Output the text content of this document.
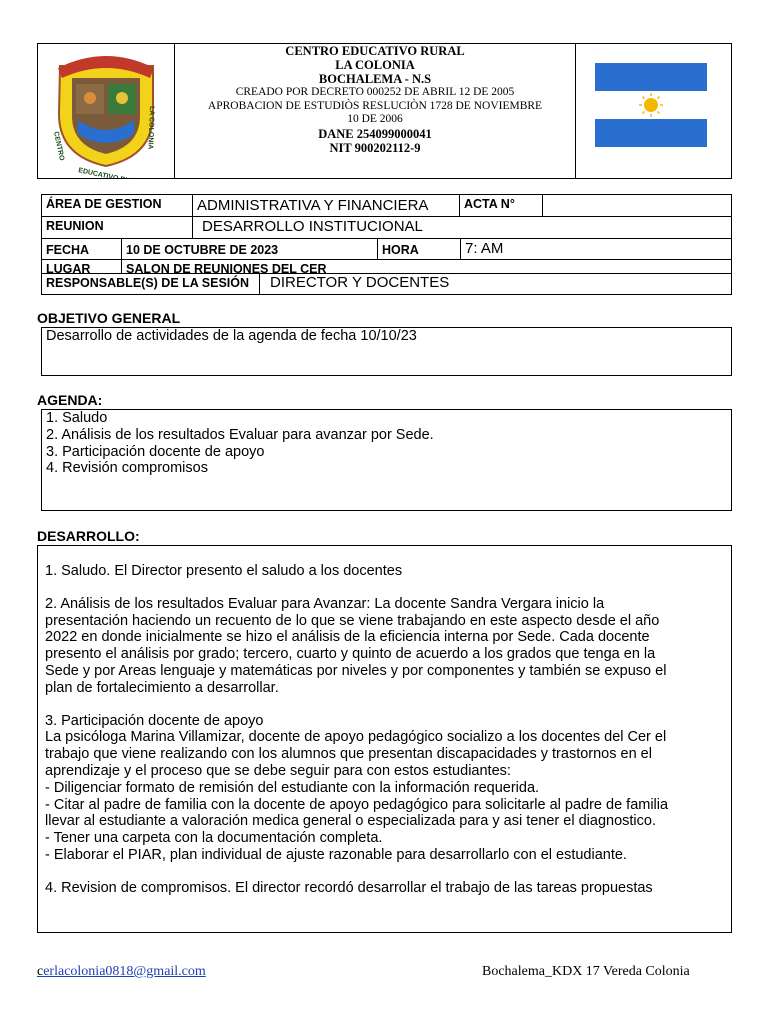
CENTRO
EDUCATIVO RURAL
LA COLONIA
CENTRO EDUCATIVO RURAL
LA COLONIA
BOCHALEMA - N.S
CREADO POR DECRETO 000252 DE ABRIL 12 DE 2005
APROBACION DE ESTUDIÒS RESLUCIÒN 1728 DE NOVIEMBRE
10 DE 2006
DANE 254099000041
NIT 900202112-9
ÁREA DE GESTION	ADMINISTRATIVA Y FINANCIERA	ACTA N°
REUNION	DESARROLLO INSTITUCIONAL
FECHA	10 DE OCTUBRE DE 2023	HORA	7: AM
LUGAR	SALON DE REUNIONES DEL CER
RESPONSABLE(S) DE LA SESIÓN	DIRECTOR Y DOCENTES
OBJETIVO GENERAL
Desarrollo de actividades de la agenda de fecha 10/10/23
AGENDA:
1. Saludo
2. Análisis de los resultados Evaluar para avanzar por Sede.
3. Participación docente de apoyo
4. Revisión compromisos
DESARROLLO:
1. Saludo. El Director presento el saludo a los docentes
2. Análisis de los resultados Evaluar para Avanzar: La docente Sandra Vergara inicio la
presentación haciendo un recuento de lo que se viene trabajando en este aspecto desde el año
2022 en donde inicialmente se hizo el análisis de la eficiencia interna por Sede. Cada docente
presento el análisis por grado; tercero, cuarto y quinto de acuerdo a los grados que tenga en la
Sede y por Areas lenguaje y matemáticas por niveles y por componentes y también se expuso el
plan de fortalecimiento a desarrollar.
3. Participación docente de apoyo
La psicóloga Marina Villamizar, docente de apoyo pedagógico socializo a los docentes del Cer el
trabajo que viene realizando con los alumnos que presentan discapacidades y trastornos en el
aprendizaje y el proceso que se debe seguir para con estos estudiantes:
- Diligenciar formato de remisión del estudiante con la información requerida.
- Citar al padre de familia con la docente de apoyo pedagógico para solicitarle al padre de familia
llevar al estudiante a valoración medica general o especializada para y asi tener el diagnostico.
- Tener una carpeta con la documentación completa.
- Elaborar el PIAR, plan individual de ajuste razonable para desarrollarlo con el estudiante.
4. Revision de compromisos. El director recordó desarrollar el trabajo de las tareas propuestas
cerlacolonia0818@gmail.com	Bochalema_KDX 17 Vereda Colonia
